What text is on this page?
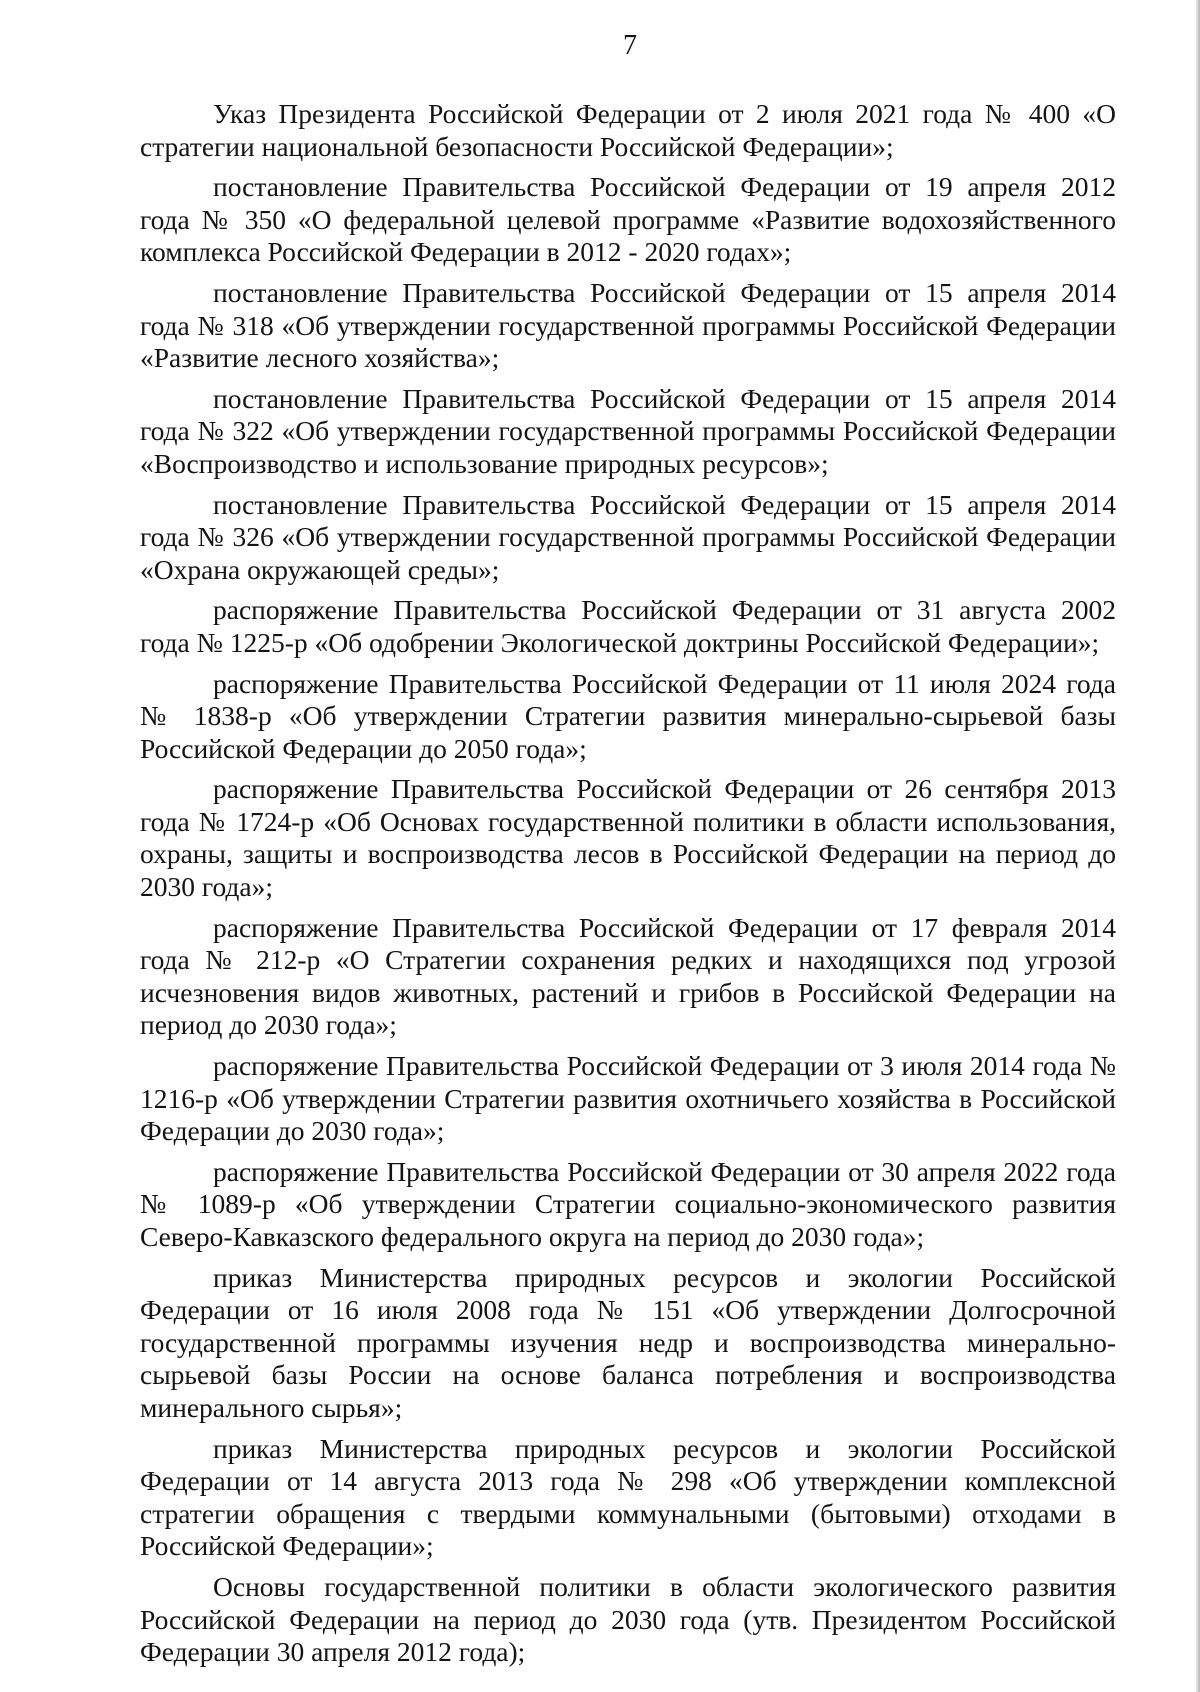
7

Указ Президента Российской Федерации от 2 июля 2021 года № 400 «О стратегии национальной безопасности Российской Федерации»;

постановление Правительства Российской Федерации от 19 апреля 2012 года № 350 «О федеральной целевой программе «Развитие водохозяйственного комплекса Российской Федерации в 2012 - 2020 годах»;

постановление Правительства Российской Федерации от 15 апреля 2014 года № 318 «Об утверждении государственной программы Российской Федерации «Развитие лесного хозяйства»;

постановление Правительства Российской Федерации от 15 апреля 2014 года № 322 «Об утверждении государственной программы Российской Федерации «Воспроизводство и использование природных ресурсов»;

постановление Правительства Российской Федерации от 15 апреля 2014 года № 326 «Об утверждении государственной программы Российской Федерации «Охрана окружающей среды»;

распоряжение Правительства Российской Федерации от 31 августа 2002 года № 1225-р «Об одобрении Экологической доктрины Российской Федерации»;

распоряжение Правительства Российской Федерации от 11 июля 2024 года № 1838-р «Об утверждении Стратегии развития минерально-сырьевой базы Российской Федерации до 2050 года»;

распоряжение Правительства Российской Федерации от 26 сентября 2013 года № 1724-р «Об Основах государственной политики в области использования, охраны, защиты и воспроизводства лесов в Российской Федерации на период до 2030 года»;

распоряжение Правительства Российской Федерации от 17 февраля 2014 года № 212-р «О Стратегии сохранения редких и находящихся под угрозой исчезновения видов животных, растений и грибов в Российской Федерации на период до 2030 года»;

распоряжение Правительства Российской Федерации от 3 июля 2014 года № 1216-р «Об утверждении Стратегии развития охотничьего хозяйства в Российской Федерации до 2030 года»;

распоряжение Правительства Российской Федерации от 30 апреля 2022 года № 1089-р «Об утверждении Стратегии социально-экономического развития Северо-Кавказского федерального округа на период до 2030 года»;

приказ Министерства природных ресурсов и экологии Российской Федерации от 16 июля 2008 года № 151 «Об утверждении Долгосрочной государственной программы изучения недр и воспроизводства минерально-сырьевой базы России на основе баланса потребления и воспроизводства минерального сырья»;

приказ Министерства природных ресурсов и экологии Российской Федерации от 14 августа 2013 года № 298 «Об утверждении комплексной стратегии обращения с твердыми коммунальными (бытовыми) отходами в Российской Федерации»;

Основы государственной политики в области экологического развития Российской Федерации на период до 2030 года (утв. Президентом Российской Федерации 30 апреля 2012 года);
